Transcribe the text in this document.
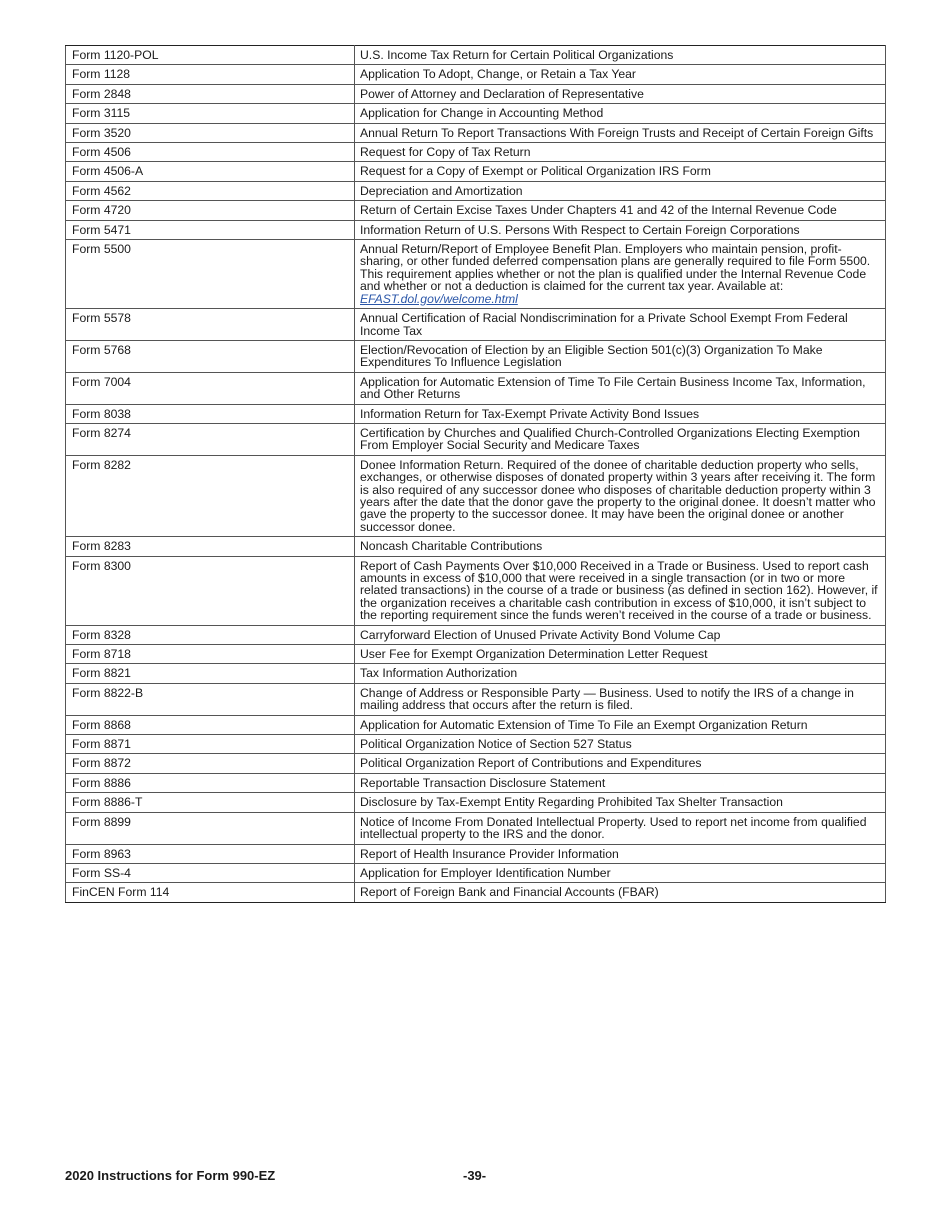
Form 1120-POL	U.S. Income Tax Return for Certain Political Organizations
Form 1128	Application To Adopt, Change, or Retain a Tax Year
Form 2848	Power of Attorney and Declaration of Representative
Form 3115	Application for Change in Accounting Method
Form 3520	Annual Return To Report Transactions With Foreign Trusts and Receipt of Certain Foreign Gifts
Form 4506	Request for Copy of Tax Return
Form 4506-A	Request for a Copy of Exempt or Political Organization IRS Form
Form 4562	Depreciation and Amortization
Form 4720	Return of Certain Excise Taxes Under Chapters 41 and 42 of the Internal Revenue Code
Form 5471	Information Return of U.S. Persons With Respect to Certain Foreign Corporations
Form 5500	Annual Return/Report of Employee Benefit Plan. Employers who maintain pension, profit-sharing, or other funded deferred compensation plans are generally required to file Form 5500. This requirement applies whether or not the plan is qualified under the Internal Revenue Code and whether or not a deduction is claimed for the current tax year. Available at: EFAST.dol.gov/welcome.html
Form 5578	Annual Certification of Racial Nondiscrimination for a Private School Exempt From Federal Income Tax
Form 5768	Election/Revocation of Election by an Eligible Section 501(c)(3) Organization To Make Expenditures To Influence Legislation
Form 7004	Application for Automatic Extension of Time To File Certain Business Income Tax, Information, and Other Returns
Form 8038	Information Return for Tax-Exempt Private Activity Bond Issues
Form 8274	Certification by Churches and Qualified Church-Controlled Organizations Electing Exemption From Employer Social Security and Medicare Taxes
Form 8282	Donee Information Return. Required of the donee of charitable deduction property who sells, exchanges, or otherwise disposes of donated property within 3 years after receiving it. The form is also required of any successor donee who disposes of charitable deduction property within 3 years after the date that the donor gave the property to the original donee. It doesn’t matter who gave the property to the successor donee. It may have been the original donee or another successor donee.
Form 8283	Noncash Charitable Contributions
Form 8300	Report of Cash Payments Over $10,000 Received in a Trade or Business. Used to report cash amounts in excess of $10,000 that were received in a single transaction (or in two or more related transactions) in the course of a trade or business (as defined in section 162). However, if the organization receives a charitable cash contribution in excess of $10,000, it isn’t subject to the reporting requirement since the funds weren’t received in the course of a trade or business.
Form 8328	Carryforward Election of Unused Private Activity Bond Volume Cap
Form 8718	User Fee for Exempt Organization Determination Letter Request
Form 8821	Tax Information Authorization
Form 8822-B	Change of Address or Responsible Party — Business. Used to notify the IRS of a change in mailing address that occurs after the return is filed.
Form 8868	Application for Automatic Extension of Time To File an Exempt Organization Return
Form 8871	Political Organization Notice of Section 527 Status
Form 8872	Political Organization Report of Contributions and Expenditures
Form 8886	Reportable Transaction Disclosure Statement
Form 8886-T	Disclosure by Tax-Exempt Entity Regarding Prohibited Tax Shelter Transaction
Form 8899	Notice of Income From Donated Intellectual Property. Used to report net income from qualified intellectual property to the IRS and the donor.
Form 8963	Report of Health Insurance Provider Information
Form SS-4	Application for Employer Identification Number
FinCEN Form 114	Report of Foreign Bank and Financial Accounts (FBAR)
2020 Instructions for Form 990-EZ	-39-
